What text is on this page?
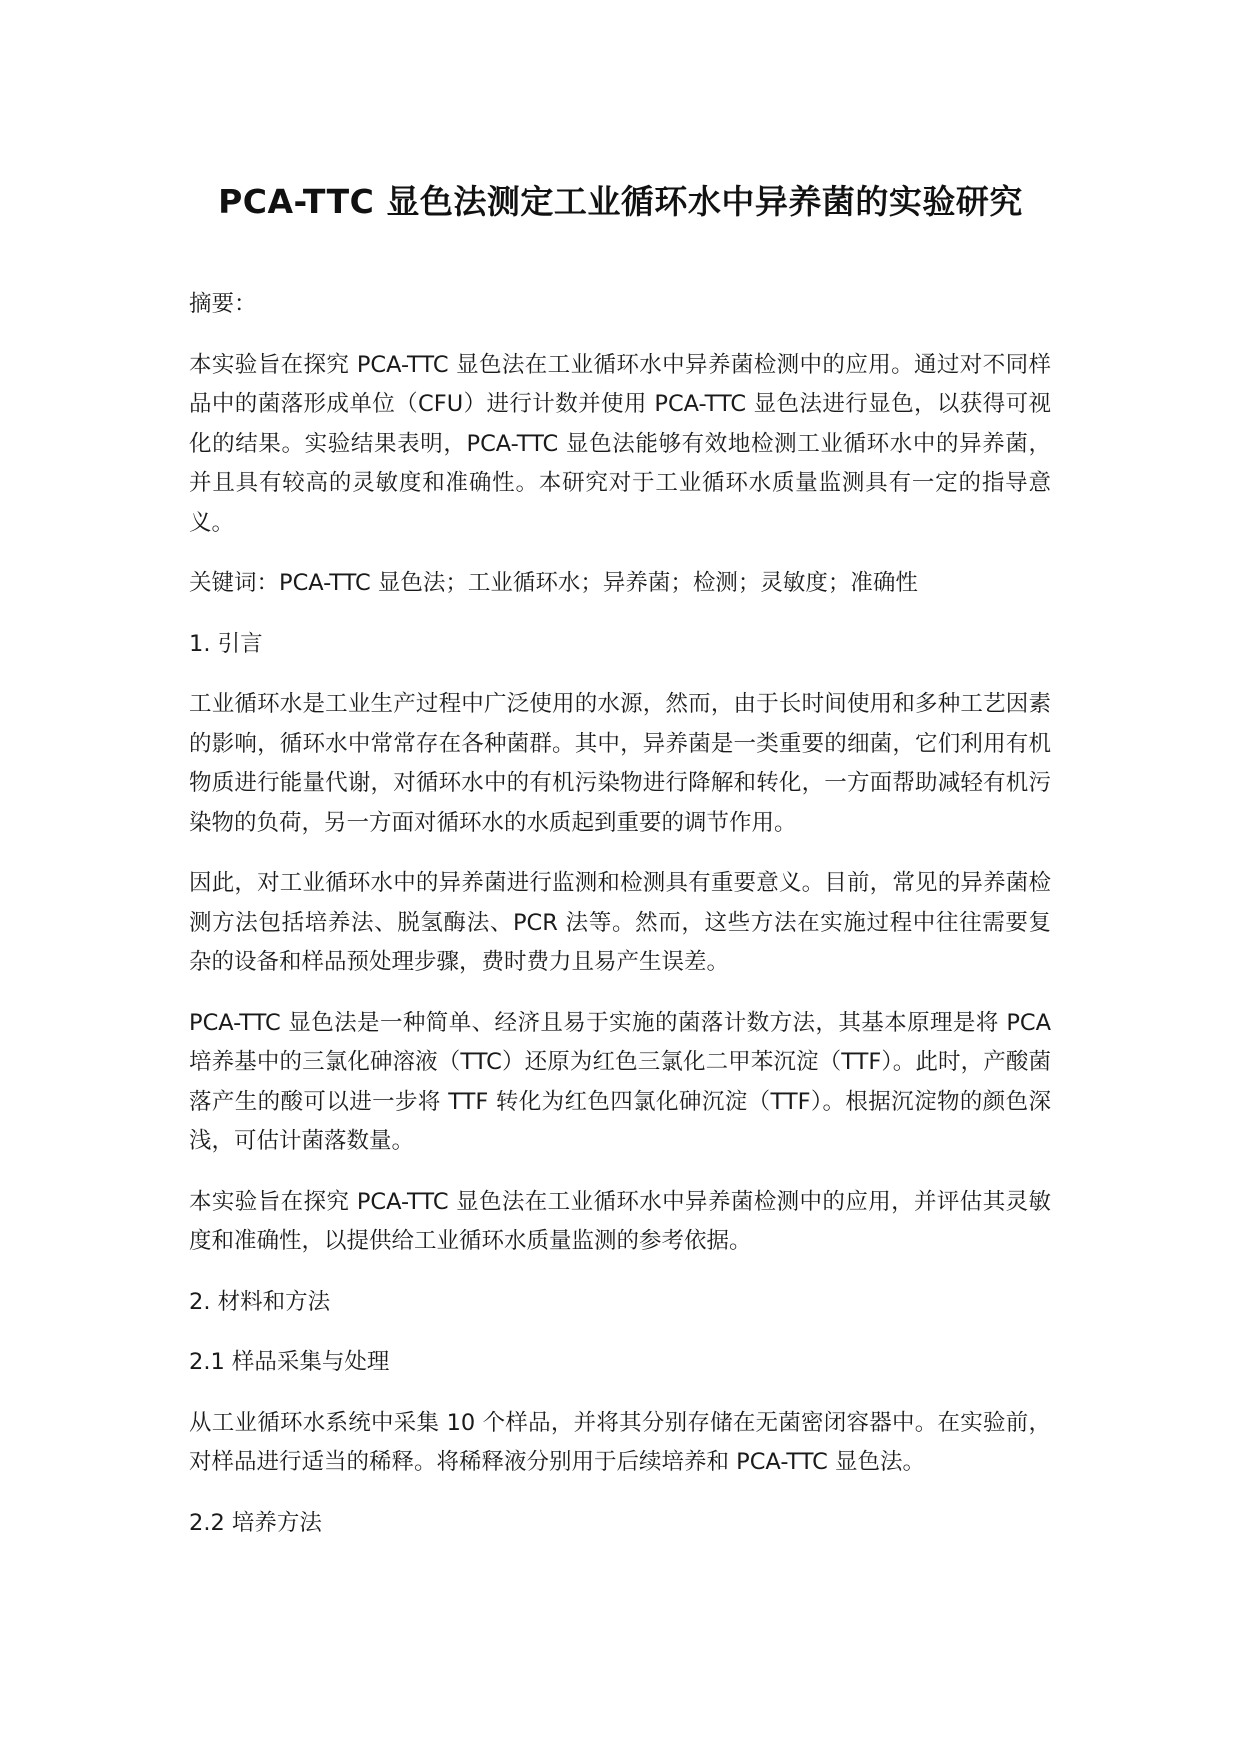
PCA-TTC 显色法测定工业循环水中异养菌的实验研究

摘要：

本实验旨在探究 PCA-TTC 显色法在工业循环水中异养菌检测中的应用。通过对不同样品中的菌落形成单位（CFU）进行计数并使用 PCA-TTC 显色法进行显色，以获得可视化的结果。实验结果表明，PCA-TTC 显色法能够有效地检测工业循环水中的异养菌，并且具有较高的灵敏度和准确性。本研究对于工业循环水质量监测具有一定的指导意义。

关键词：PCA-TTC 显色法；工业循环水；异养菌；检测；灵敏度；准确性

1. 引言

工业循环水是工业生产过程中广泛使用的水源，然而，由于长时间使用和多种工艺因素的影响，循环水中常常存在各种菌群。其中，异养菌是一类重要的细菌，它们利用有机物质进行能量代谢，对循环水中的有机污染物进行降解和转化，一方面帮助减轻有机污染物的负荷，另一方面对循环水的水质起到重要的调节作用。

因此，对工业循环水中的异养菌进行监测和检测具有重要意义。目前，常见的异养菌检测方法包括培养法、脱氢酶法、PCR 法等。然而，这些方法在实施过程中往往需要复杂的设备和样品预处理步骤，费时费力且易产生误差。

PCA-TTC 显色法是一种简单、经济且易于实施的菌落计数方法，其基本原理是将 PCA 培养基中的三氯化砷溶液（TTC）还原为红色三氯化二甲苯沉淀（TTF）。此时，产酸菌落产生的酸可以进一步将 TTF 转化为红色四氯化砷沉淀（TTF）。根据沉淀物的颜色深浅，可估计菌落数量。

本实验旨在探究 PCA-TTC 显色法在工业循环水中异养菌检测中的应用，并评估其灵敏度和准确性，以提供给工业循环水质量监测的参考依据。

2. 材料和方法

2.1 样品采集与处理

从工业循环水系统中采集 10 个样品，并将其分别存储在无菌密闭容器中。在实验前，对样品进行适当的稀释。将稀释液分别用于后续培养和 PCA-TTC 显色法。

2.2 培养方法
